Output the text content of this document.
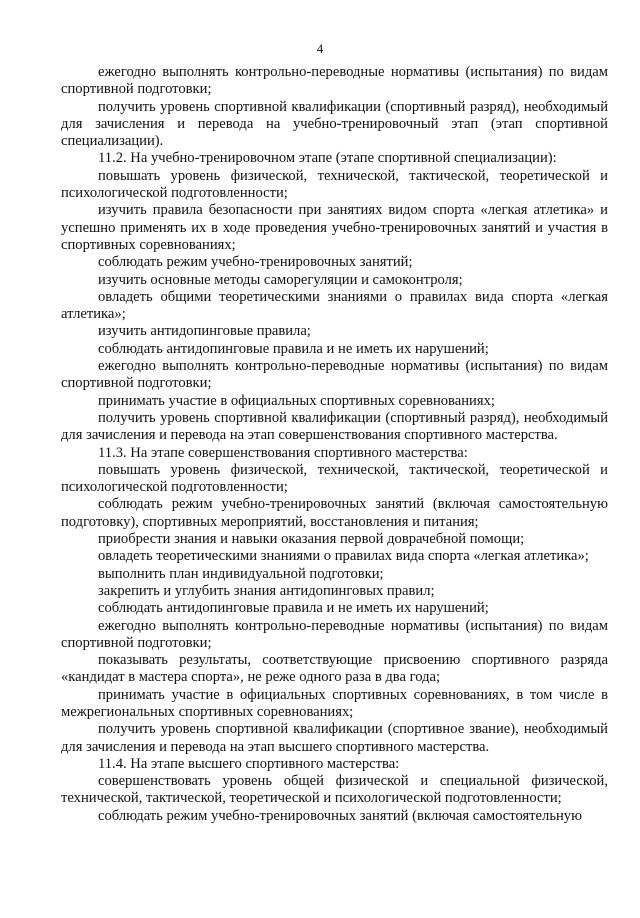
4

ежегодно выполнять контрольно-переводные нормативы (испытания) по видам спортивной подготовки;

получить уровень спортивной квалификации (спортивный разряд), необходимый для зачисления и перевода на учебно-тренировочный этап (этап спортивной специализации).

11.2. На учебно-тренировочном этапе (этапе спортивной специализации):

повышать уровень физической, технической, тактической, теоретической и психологической подготовленности;

изучить правила безопасности при занятиях видом спорта «легкая атлетика» и успешно применять их в ходе проведения учебно-тренировочных занятий и участия в спортивных соревнованиях;

соблюдать режим учебно-тренировочных занятий;

изучить основные методы саморегуляции и самоконтроля;

овладеть общими теоретическими знаниями о правилах вида спорта «легкая атлетика»;

изучить антидопинговые правила;

соблюдать антидопинговые правила и не иметь их нарушений;

ежегодно выполнять контрольно-переводные нормативы (испытания) по видам спортивной подготовки;

принимать участие в официальных спортивных соревнованиях;

получить уровень спортивной квалификации (спортивный разряд), необходимый для зачисления и перевода на этап совершенствования спортивного мастерства.

11.3. На этапе совершенствования спортивного мастерства:

повышать уровень физической, технической, тактической, теоретической и психологической подготовленности;

соблюдать режим учебно-тренировочных занятий (включая самостоятельную подготовку), спортивных мероприятий, восстановления и питания;

приобрести знания и навыки оказания первой доврачебной помощи;

овладеть теоретическими знаниями о правилах вида спорта «легкая атлетика»;

выполнить план индивидуальной подготовки;

закрепить и углубить знания антидопинговых правил;

соблюдать антидопинговые правила и не иметь их нарушений;

ежегодно выполнять контрольно-переводные нормативы (испытания) по видам спортивной подготовки;

показывать результаты, соответствующие присвоению спортивного разряда «кандидат в мастера спорта», не реже одного раза в два года;

принимать участие в официальных спортивных соревнованиях, в том числе в межрегиональных спортивных соревнованиях;

получить уровень спортивной квалификации (спортивное звание), необходимый для зачисления и перевода на этап высшего спортивного мастерства.

11.4. На этапе высшего спортивного мастерства:

совершенствовать уровень общей физической и специальной физической, технической, тактической, теоретической и психологической подготовленности;

соблюдать режим учебно-тренировочных занятий (включая самостоятельную
